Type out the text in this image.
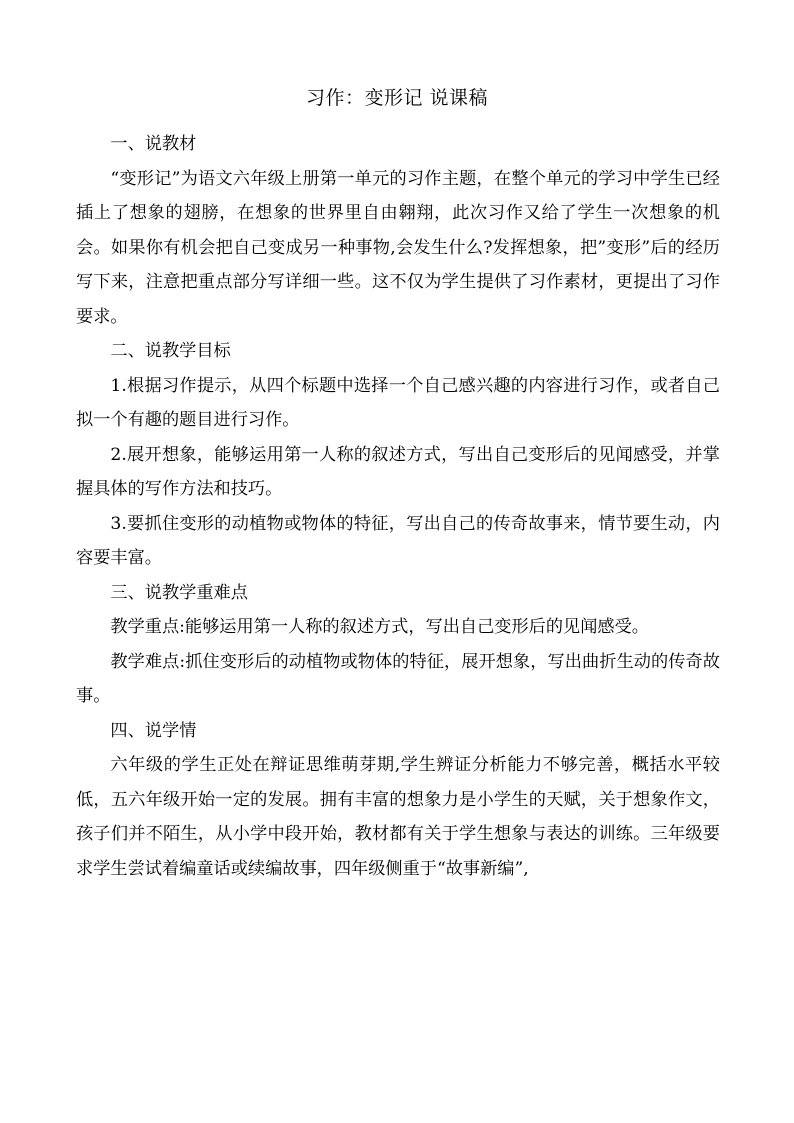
习作：变形记 说课稿

一、说教材

“变形记”为语文六年级上册第一单元的习作主题，在整个单元的学习中学生已经插上了想象的翅膀，在想象的世界里自由翱翔，此次习作又给了学生一次想象的机会。如果你有机会把自己变成另一种事物,会发生什么?发挥想象，把”变形”后的经历写下来，注意把重点部分写详细一些。这不仅为学生提供了习作素材，更提出了习作要求。

二、说教学目标

1.根据习作提示，从四个标题中选择一个自己感兴趣的内容进行习作，或者自己拟一个有趣的题目进行习作。

2.展开想象，能够运用第一人称的叙述方式，写出自己变形后的见闻感受，并掌握具体的写作方法和技巧。

3.要抓住变形的动植物或物体的特征，写出自己的传奇故事来，情节要生动，内容要丰富。

三、说教学重难点

教学重点:能够运用第一人称的叙述方式，写出自己变形后的见闻感受。

教学难点:抓住变形后的动植物或物体的特征，展开想象，写出曲折生动的传奇故事。

四、说学情

六年级的学生正处在辩证思维萌芽期,学生辨证分析能力不够完善，概括水平较低，五六年级开始一定的发展。拥有丰富的想象力是小学生的天赋，关于想象作文，孩子们并不陌生，从小学中段开始，教材都有关于学生想象与表达的训练。三年级要求学生尝试着编童话或续编故事，四年级侧重于“故事新编”,
